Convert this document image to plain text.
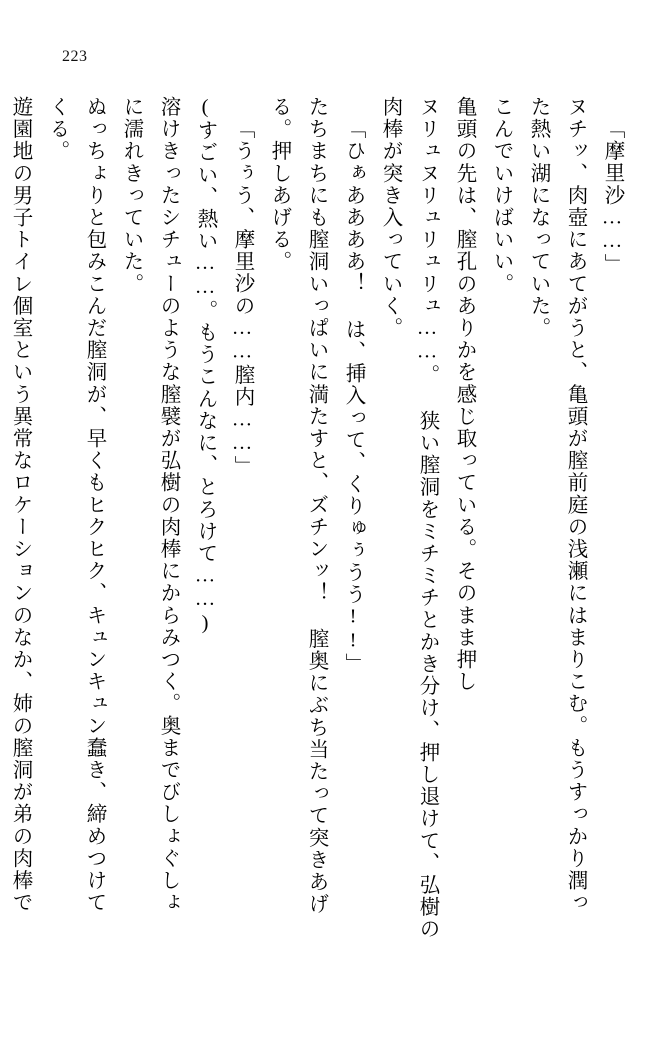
223
「摩里沙……」
ヌチッ、肉壺にあてがうと、亀頭が膣前庭の浅瀬にはまりこむ。もうすっかり潤っ
た熱い湖になっていた。
こんでいけばいい。
亀頭の先は、膣孔のありかを感じ取っている。そのまま押し
ヌリュヌリュリュリュ……。 狭い膣洞をミチミチとかき分け、押し退けて、弘樹の
肉棒が突き入っていく。
「ひぁああああ！ は、挿入って、くりゅぅうう!!」
たちまちにも膣洞いっぱいに満たすと、ズチンッ！ 膣奥にぶち当たって突きあげ
る。押しあげる。
「うぅう、摩里沙の……膣内……」
(すごい、熱い……。もうこんなに、とろけて……)
溶けきったシチューのような膣襞が弘樹の肉棒にからみつく。奥までびしょぐしょ
に濡れきっていた。
ぬっちょりと包みこんだ膣洞が、早くもヒクヒク、キュンキュン蠢き、締めつけて
くる。
遊園地の男子トイレ個室という異常なロケーションのなか、姉の膣洞が弟の肉棒で
